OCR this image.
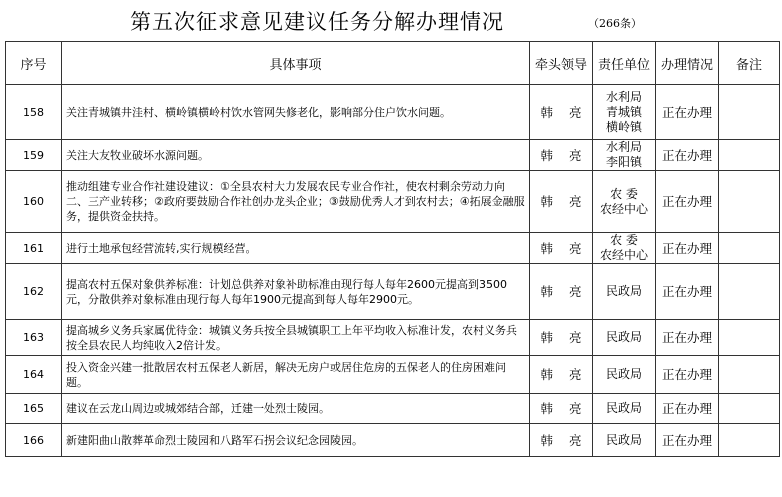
第五次征求意见建议任务分解办理情况	（266条）
序号	具体事项	牵头领导	责任单位	办理情况	备注
158	关注青城镇井洼村、横岭镇横岭村饮水管网失修老化，影响部分住户饮水问题。	韩 亮	水利局
青城镇
横岭镇	正在办理	
159	关注大友牧业破坏水源问题。	韩 亮	水利局
李阳镇	正在办理	
160	推动组建专业合作社建设建议：①全县农村大力发展农民专业合作社，使农村剩余劳动力向二、三产业转移；②政府要鼓励合作社创办龙头企业；③鼓励优秀人才到农村去；④拓展金融服务，提供资金扶持。	韩 亮	农 委
农经中心	正在办理	
161	进行土地承包经营流转,实行规模经营。	韩 亮	农 委
农经中心	正在办理	
162	提高农村五保对象供养标准：计划总供养对象补助标准由现行每人每年2600元提高到3500元，分散供养对象标准由现行每人每年1900元提高到每人每年2900元。	韩 亮	民政局	正在办理	
163	提高城乡义务兵家属优待金：城镇义务兵按全县城镇职工上年平均收入标准计发，农村义务兵按全县农民人均纯收入2倍计发。	韩 亮	民政局	正在办理	
164	投入资金兴建一批散居农村五保老人新居，解决无房户或居住危房的五保老人的住房困难问题。	韩 亮	民政局	正在办理	
165	建议在云龙山周边或城郊结合部，迁建一处烈士陵园。	韩 亮	民政局	正在办理	
166	新建阳曲山散葬革命烈士陵园和八路军石拐会议纪念园陵园。	韩 亮	民政局	正在办理	
